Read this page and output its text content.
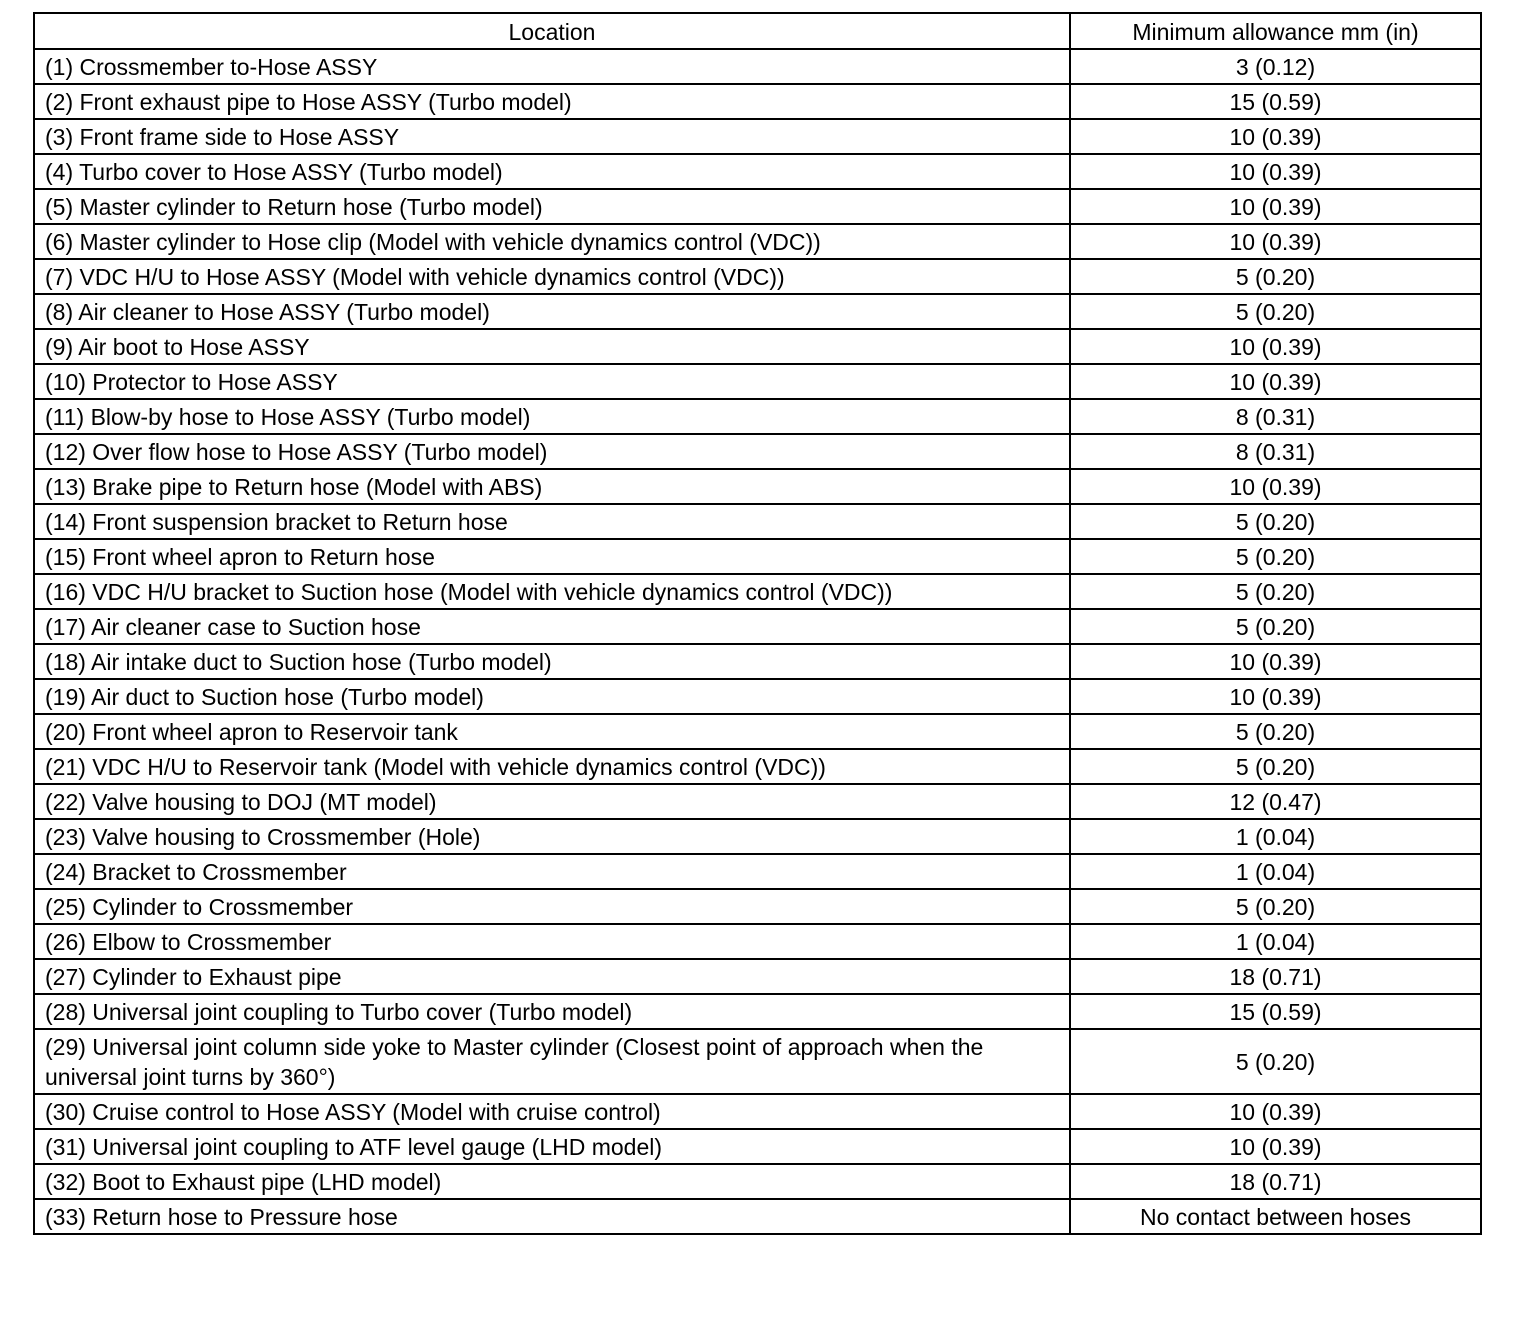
Location	Minimum allowance mm (in)
(1) Crossmember to-Hose ASSY	3 (0.12)
(2) Front exhaust pipe to Hose ASSY (Turbo model)	15 (0.59)
(3) Front frame side to Hose ASSY	10 (0.39)
(4) Turbo cover to Hose ASSY (Turbo model)	10 (0.39)
(5) Master cylinder to Return hose (Turbo model)	10 (0.39)
(6) Master cylinder to Hose clip (Model with vehicle dynamics control (VDC))	10 (0.39)
(7) VDC H/U to Hose ASSY (Model with vehicle dynamics control (VDC))	5 (0.20)
(8) Air cleaner to Hose ASSY (Turbo model)	5 (0.20)
(9) Air boot to Hose ASSY	10 (0.39)
(10) Protector to Hose ASSY	10 (0.39)
(11) Blow-by hose to Hose ASSY (Turbo model)	8 (0.31)
(12) Over flow hose to Hose ASSY (Turbo model)	8 (0.31)
(13) Brake pipe to Return hose (Model with ABS)	10 (0.39)
(14) Front suspension bracket to Return hose	5 (0.20)
(15) Front wheel apron to Return hose	5 (0.20)
(16) VDC H/U bracket to Suction hose (Model with vehicle dynamics control (VDC))	5 (0.20)
(17) Air cleaner case to Suction hose	5 (0.20)
(18) Air intake duct to Suction hose (Turbo model)	10 (0.39)
(19) Air duct to Suction hose (Turbo model)	10 (0.39)
(20) Front wheel apron to Reservoir tank	5 (0.20)
(21) VDC H/U to Reservoir tank (Model with vehicle dynamics control (VDC))	5 (0.20)
(22) Valve housing to DOJ (MT model)	12 (0.47)
(23) Valve housing to Crossmember (Hole)	1 (0.04)
(24) Bracket to Crossmember	1 (0.04)
(25) Cylinder to Crossmember	5 (0.20)
(26) Elbow to Crossmember	1 (0.04)
(27) Cylinder to Exhaust pipe	18 (0.71)
(28) Universal joint coupling to Turbo cover (Turbo model)	15 (0.59)
(29) Universal joint column side yoke to Master cylinder (Closest point of approach when the universal joint turns by 360°)	5 (0.20)
(30) Cruise control to Hose ASSY (Model with cruise control)	10 (0.39)
(31) Universal joint coupling to ATF level gauge (LHD model)	10 (0.39)
(32) Boot to Exhaust pipe (LHD model)	18 (0.71)
(33) Return hose to Pressure hose	No contact between hoses
